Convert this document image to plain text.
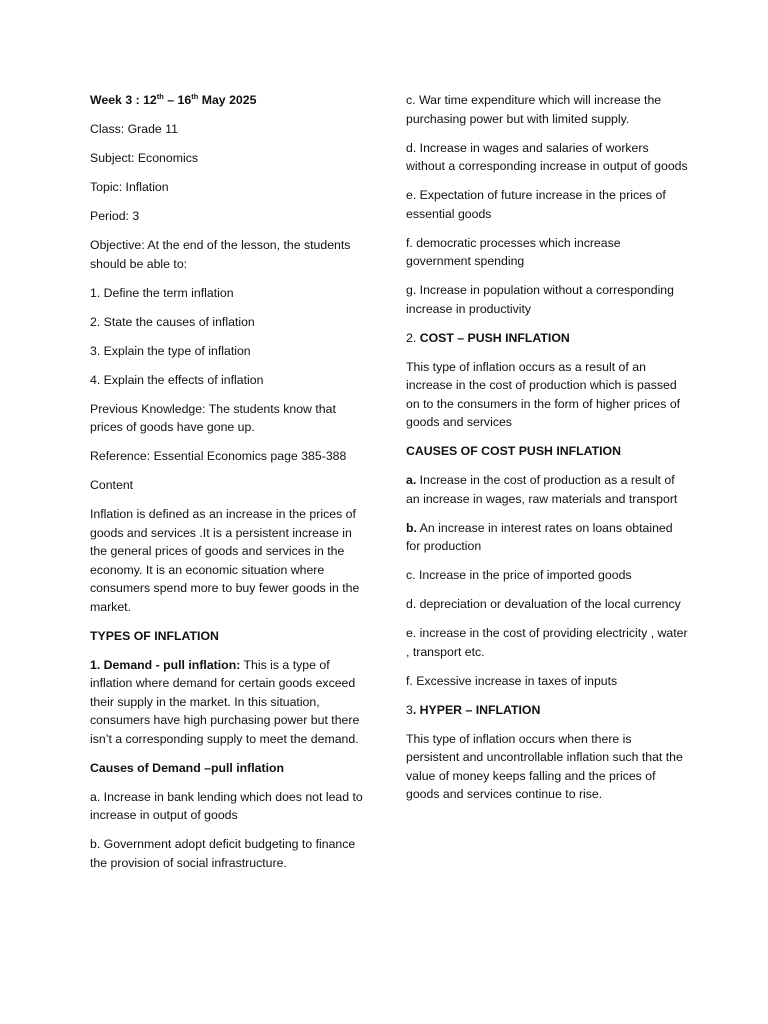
Week 3 : 12th – 16th May 2025

Class: Grade 11

Subject: Economics

Topic: Inflation

Period: 3

Objective: At the end of the lesson, the students should be able to:

1. Define the term inflation

2. State the causes of inflation

3. Explain the type of inflation

4. Explain the effects of inflation

Previous Knowledge: The students know that prices of goods have gone up.

Reference: Essential Economics page 385-388

Content

Inflation is defined as an increase in the prices of goods and services .It is a persistent increase in the general prices of goods and services in the economy. It is an economic situation where consumers spend more to buy fewer goods in the market.

TYPES OF INFLATION

1. Demand - pull inflation: This is a type of inflation where demand for certain goods exceed their supply in the market. In this situation, consumers have high purchasing power but there isn’t a corresponding supply to meet the demand.

Causes of Demand –pull inflation

a. Increase in bank lending which does not lead to increase in output of goods

b. Government adopt deficit budgeting to finance the provision of social infrastructure.

c. War time expenditure which will increase the purchasing power but with limited supply.

d. Increase in wages and salaries of workers without a corresponding increase in output of goods

e. Expectation of future increase in the prices of essential goods

f. democratic processes which increase government spending

g. Increase in population without a corresponding increase in productivity

2. COST – PUSH INFLATION

This type of inflation occurs as a result of an increase in the cost of production which is passed on to the consumers in the form of higher prices of goods and services

CAUSES OF COST PUSH INFLATION

a. Increase in the cost of production as a result of an increase in wages, raw materials and transport

b. An increase in interest rates on loans obtained for production

c. Increase in the price of imported goods

d. depreciation or devaluation of the local currency

e. increase in the cost of providing electricity , water , transport etc.

f. Excessive increase in taxes of inputs

3. HYPER – INFLATION

This type of inflation occurs when there is persistent and uncontrollable inflation such that the value of money keeps falling and the prices of goods and services continue to rise.
